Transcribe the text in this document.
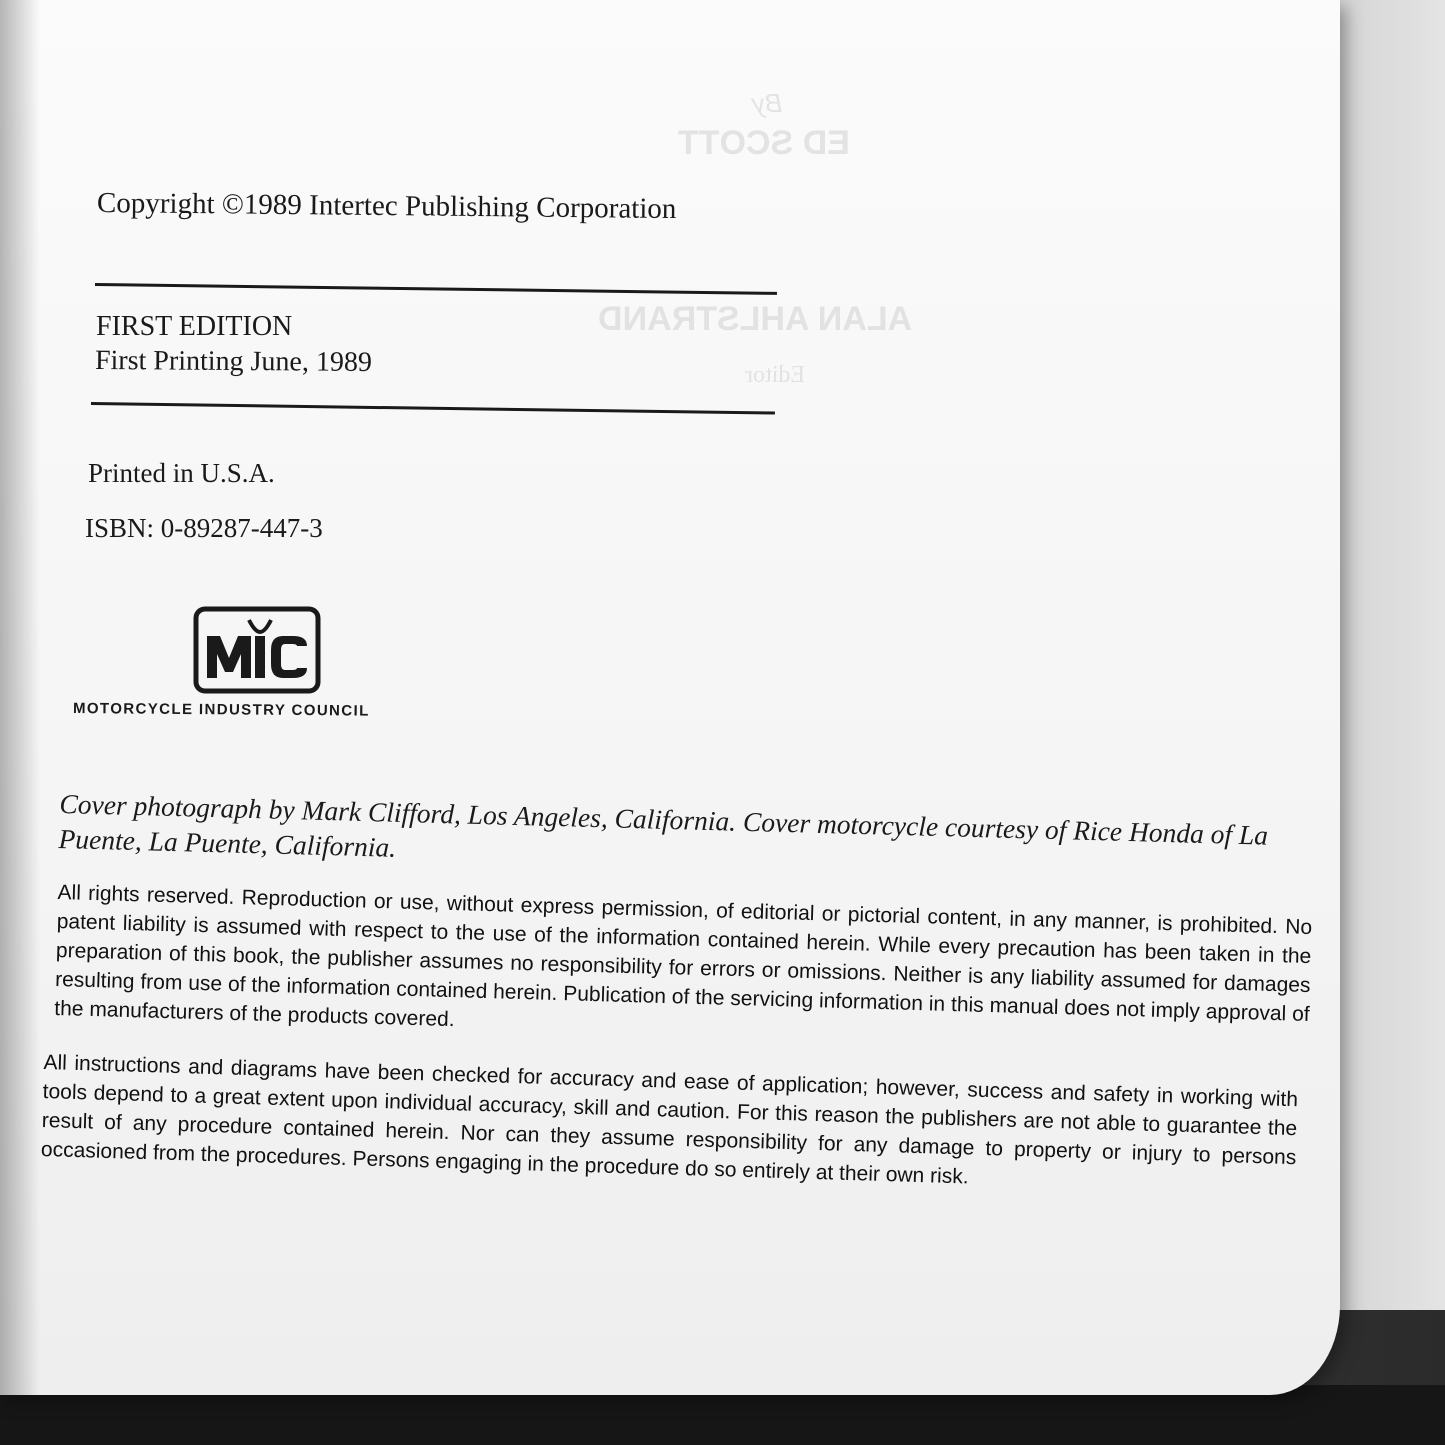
By
ED SCOTT
ALAN AHLSTRAND
Editor
Copyright ©1989 Intertec Publishing Corporation
FIRST EDITION
First Printing June, 1989
Printed in U.S.A.
ISBN: 0-89287-447-3
MOTORCYCLE INDUSTRY COUNCIL
Cover photograph by Mark Clifford, Los Angeles, California. Cover motorcycle courtesy of Rice Honda of La Puente, La Puente, California.
All rights reserved. Reproduction or use, without express permission, of editorial or pictorial content, in any manner, is prohibited. No patent liability is assumed with respect to the use of the information contained herein. While every precaution has been taken in the preparation of this book, the publisher assumes no responsibility for errors or omissions. Neither is any liability assumed for damages resulting from use of the information contained herein. Publication of the servicing information in this manual does not imply approval of the manufacturers of the products covered.
All instructions and diagrams have been checked for accuracy and ease of application; however, success and safety in working with tools depend to a great extent upon individual accuracy, skill and caution. For this reason the publishers are not able to guarantee the result of any procedure contained herein. Nor can they assume responsibility for any damage to property or injury to persons occasioned from the procedures. Persons engaging in the procedure do so entirely at their own risk.
